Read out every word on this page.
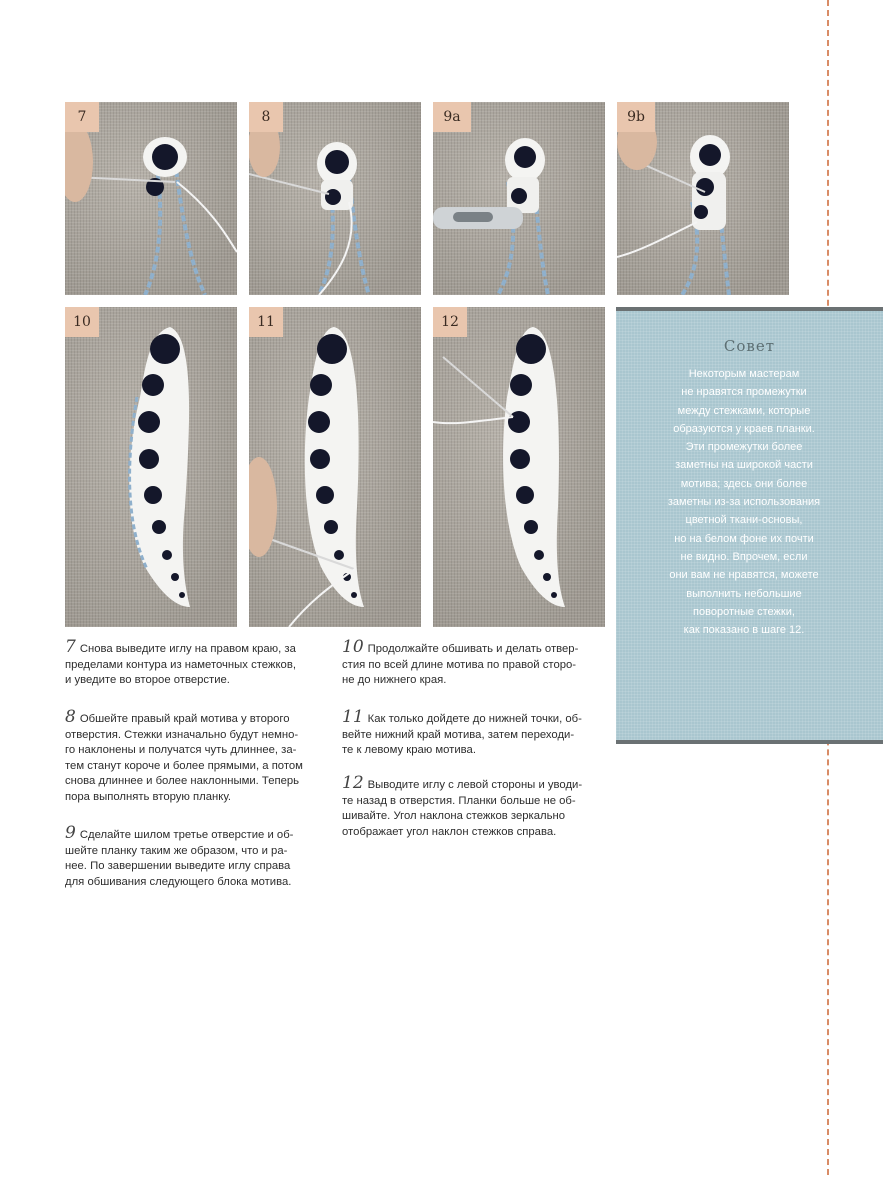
7	8	9a	9b
10	11	12
Совет
Некоторым мастерам
не нравятся промежутки
между стежками, которые
образуются у краев планки.
Эти промежутки более
заметны на широкой части
мотива; здесь они более
заметны из-за использования
цветной ткани-основы,
но на белом фоне их почти
не видно. Впрочем, если
они вам не нравятся, можете
выполнить небольшие
поворотные стежки,
как показано в шаге 12.
7 Снова выведите иглу на правом краю, за
пределами контура из наметочных стежков,
и уведите во второе отверстие.
8 Обшейте правый край мотива у второго
отверстия. Стежки изначально будут немно-
го наклонены и получатся чуть длиннее, за-
тем станут короче и более прямыми, а потом
снова длиннее и более наклонными. Теперь
пора выполнять вторую планку.
9 Сделайте шилом третье отверстие и об-
шейте планку таким же образом, что и ра-
нее. По завершении выведите иглу справа
для обшивания следующего блока мотива.
10 Продолжайте обшивать и делать отвер-
стия по всей длине мотива по правой сторо-
не до нижнего края.
11 Как только дойдете до нижней точки, об-
вейте нижний край мотива, затем переходи-
те к левому краю мотива.
12 Выводите иглу с левой стороны и уводи-
те назад в отверстия. Планки больше не об-
шивайте. Угол наклона стежков зеркально
отображает угол наклон стежков справа.
